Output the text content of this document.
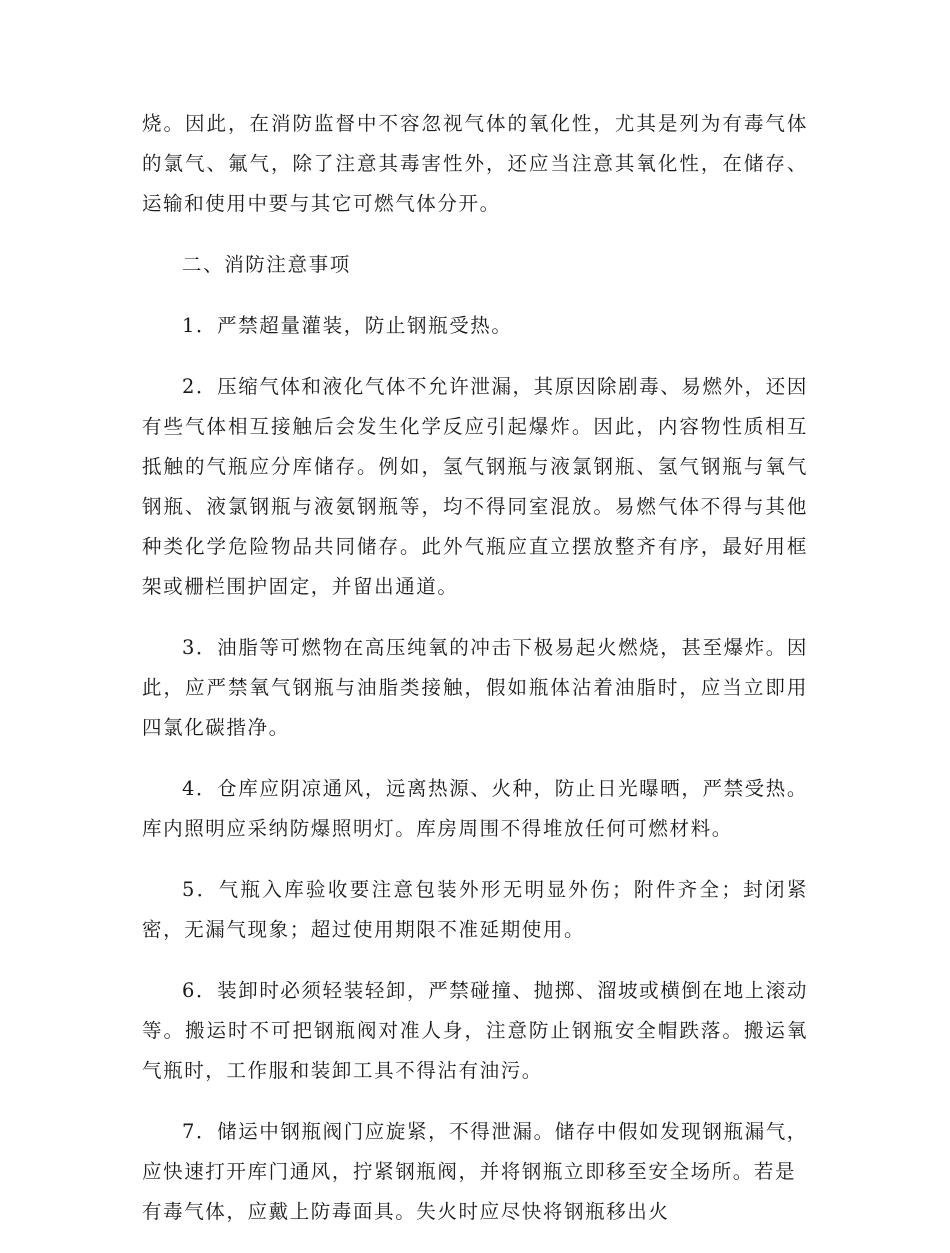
烧。因此，在消防监督中不容忽视气体的氧化性，尤其是列为有毒气体的氯气、氟气，除了注意其毒害性外，还应当注意其氧化性，在储存、运输和使用中要与其它可燃气体分开。

二、消防注意事项

1．严禁超量灌装，防止钢瓶受热。

2．压缩气体和液化气体不允许泄漏，其原因除剧毒、易燃外，还因有些气体相互接触后会发生化学反应引起爆炸。因此，内容物性质相互抵触的气瓶应分库储存。例如，氢气钢瓶与液氯钢瓶、氢气钢瓶与氧气钢瓶、液氯钢瓶与液氨钢瓶等，均不得同室混放。易燃气体不得与其他种类化学危险物品共同储存。此外气瓶应直立摆放整齐有序，最好用框架或栅栏围护固定，并留出通道。

3．油脂等可燃物在高压纯氧的冲击下极易起火燃烧，甚至爆炸。因此，应严禁氧气钢瓶与油脂类接触，假如瓶体沾着油脂时，应当立即用四氯化碳揩净。

4．仓库应阴凉通风，远离热源、火种，防止日光曝晒，严禁受热。库内照明应采纳防爆照明灯。库房周围不得堆放任何可燃材料。

5．气瓶入库验收要注意包装外形无明显外伤；附件齐全；封闭紧密，无漏气现象；超过使用期限不准延期使用。

6．装卸时必须轻装轻卸，严禁碰撞、抛掷、溜坡或横倒在地上滚动等。搬运时不可把钢瓶阀对准人身，注意防止钢瓶安全帽跌落。搬运氧气瓶时，工作服和装卸工具不得沾有油污。

7．储运中钢瓶阀门应旋紧，不得泄漏。储存中假如发现钢瓶漏气，应快速打开库门通风，拧紧钢瓶阀，并将钢瓶立即移至安全场所。若是有毒气体，应戴上防毒面具。失火时应尽快将钢瓶移出火
